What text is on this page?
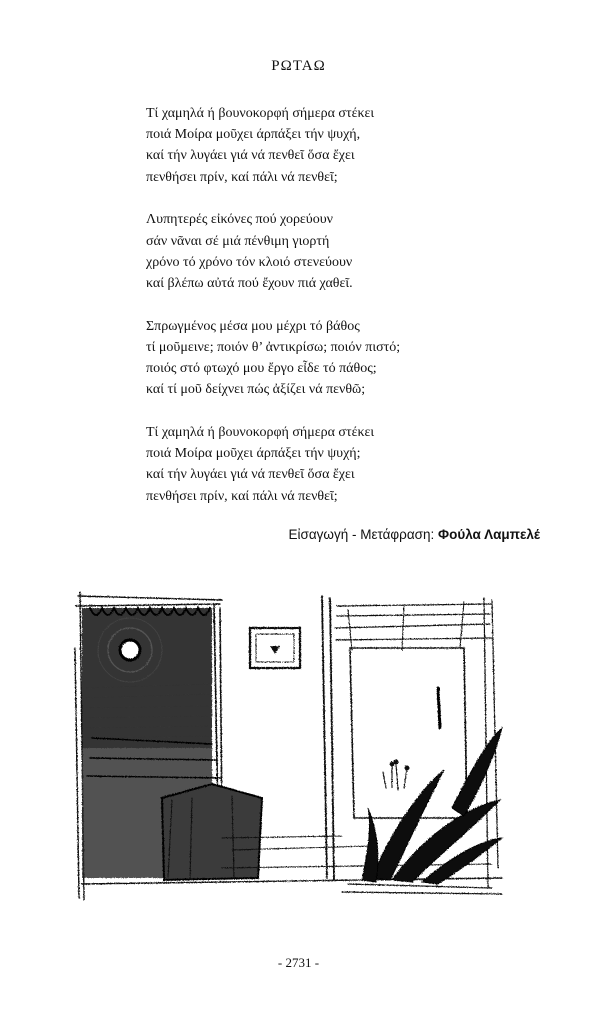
ΡΩΤΑΩ
Τί χαμηλά ή βουνοκορφή σήμερα στέκει
ποιά Μοίρα μοῦχει άρπάξει τήν ψυχή,
καί τήν λυγάει γιά νά πενθεῖ ὅσα ἔχει
πενθήσει πρίν, καί πάλι νά πενθεῖ;
Λυπητερές εἰκόνες πού χορεύουν
σάν νᾶναι σέ μιά πένθιμη γιορτή
χρόνο τό χρόνο τόν κλοιό στενεύουν
καί βλέπω αὐτά πού ἔχουν πιά χαθεῖ.
Σπρωγμένος μέσα μου μέχρι τό βάθος
τί μοῦμεινε; ποιόν θ’ ἀντικρίσω; ποιόν πιστό;
ποιός στό φτωχό μου ἔργο εἶδε τό πάθος;
καί τί μοῦ δείχνει πώς ἀξίζει νά πενθῶ;
Τί χαμηλά ή βουνοκορφή σήμερα στέκει
ποιά Μοίρα μοῦχει άρπάξει τήν ψυχή;
καί τήν λυγάει γιά νά πενθεῖ ὅσα ἔχει
πενθήσει πρίν, καί πάλι νά πενθεῖ;
Εἰσαγωγή - Μετάφραση: Φούλα Λαμπελέ
- 2731 -
